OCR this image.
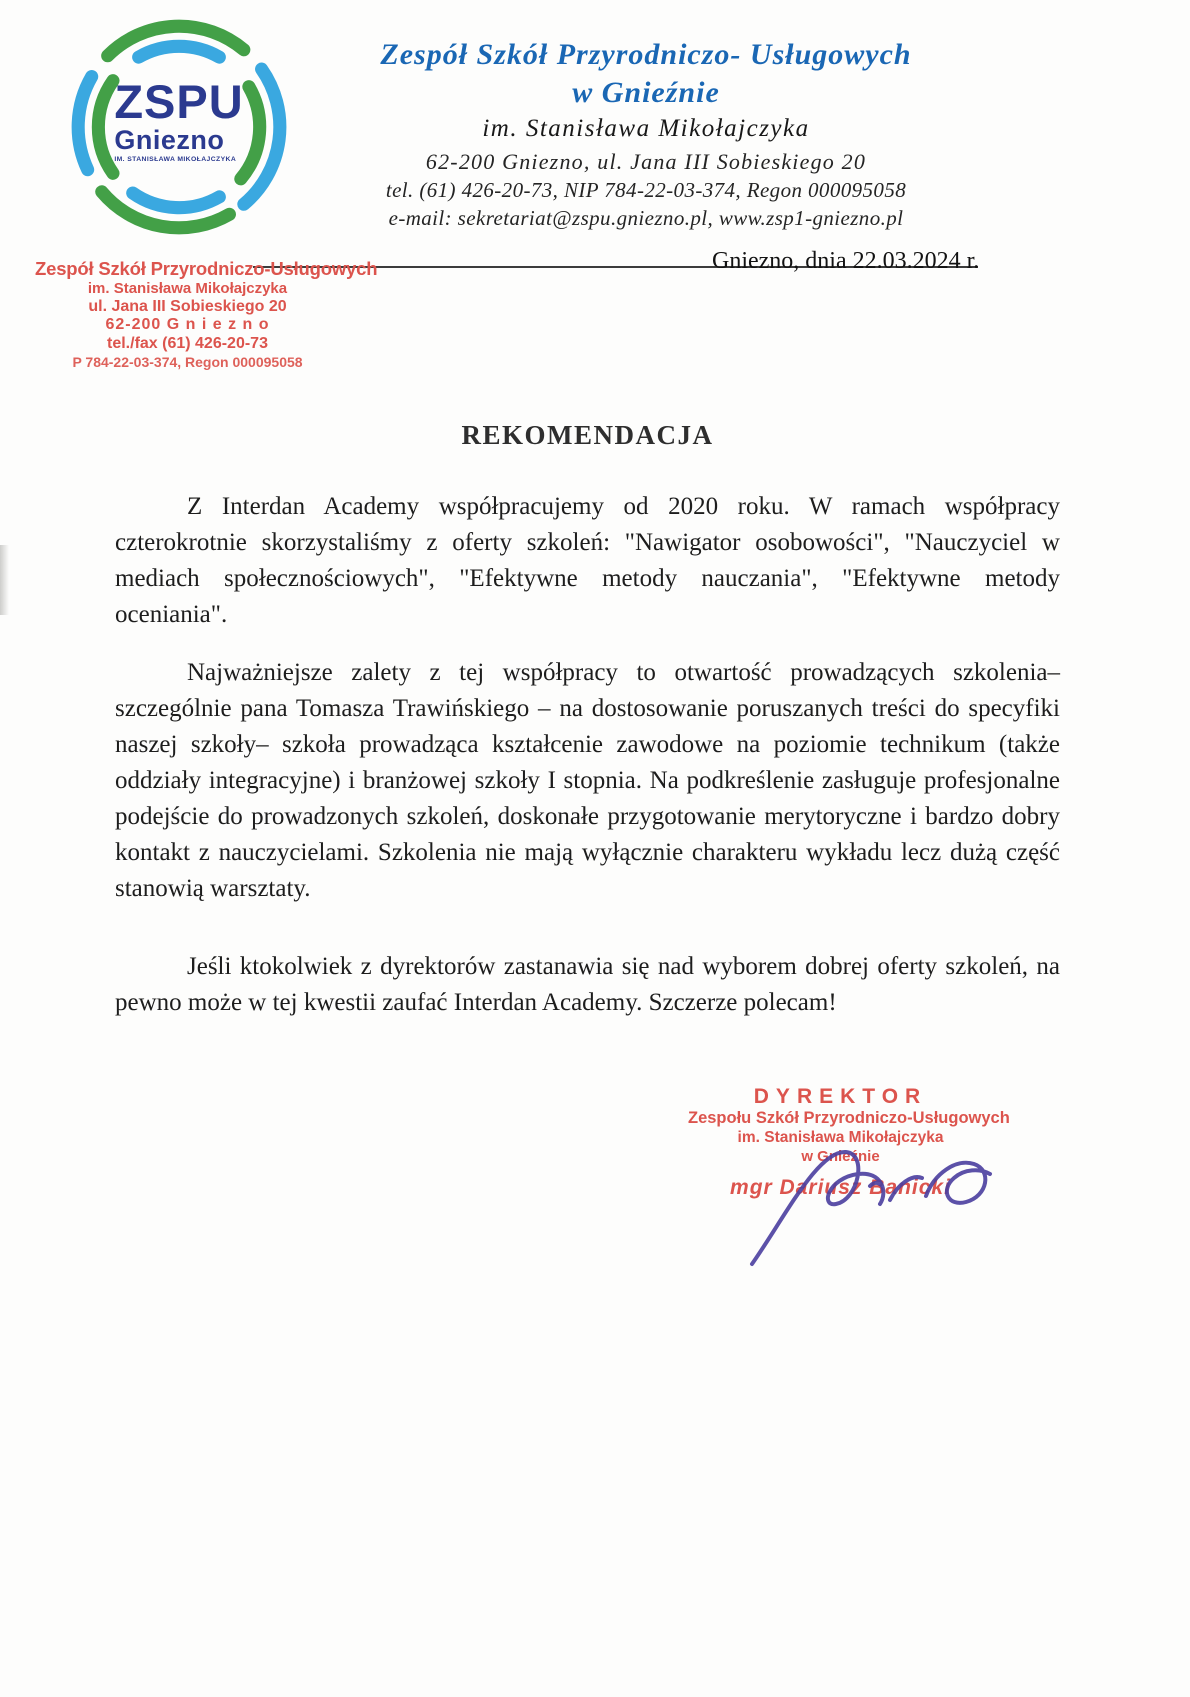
ZSPU
Gniezno
IM. STANISŁAWA MIKOŁAJCZYKA
Zespół Szkół Przyrodniczo- Usługowych
w Gnieźnie
im. Stanisława Mikołajczyka
62-200 Gniezno, ul. Jana III Sobieskiego 20
tel. (61) 426-20-73, NIP 784-22-03-374, Regon 000095058
e-mail: sekretariat@zspu.gniezno.pl, www.zsp1-gniezno.pl
Gniezno, dnia 22.03.2024 r.
Zespół Szkół Przyrodniczo-Usługowych
im. Stanisława Mikołajczyka
ul. Jana III Sobieskiego 20
62-200 G n i e z n o
tel./fax (61) 426-20-73
P 784-22-03-374, Regon 000095058
REKOMENDACJA

Z Interdan Academy współpracujemy od 2020 roku. W ramach współpracy czterokrotnie skorzystaliśmy z oferty szkoleń: "Nawigator osobowości", "Nauczyciel w mediach społecznościowych", "Efektywne metody nauczania", "Efektywne metody oceniania".

Najważniejsze zalety z tej współpracy to otwartość prowadzących szkolenia– szczególnie pana Tomasza Trawińskiego – na dostosowanie poruszanych treści do specyfiki naszej szkoły– szkoła prowadząca kształcenie zawodowe na poziomie technikum (także oddziały integracyjne) i branżowej szkoły I stopnia. Na podkreślenie zasługuje profesjonalne podejście do prowadzonych szkoleń, doskonałe przygotowanie merytoryczne i bardzo dobry kontakt z nauczycielami. Szkolenia nie mają wyłącznie charakteru wykładu lecz dużą część stanowią warsztaty.

Jeśli ktokolwiek z dyrektorów zastanawia się nad wyborem dobrej oferty szkoleń, na pewno może w tej kwestii zaufać Interdan Academy. Szczerze polecam!

DYREKTOR
Zespołu Szkół Przyrodniczo-Usługowych
im. Stanisława Mikołajczyka
w Gnieźnie
mgr Dariusz Banicki
